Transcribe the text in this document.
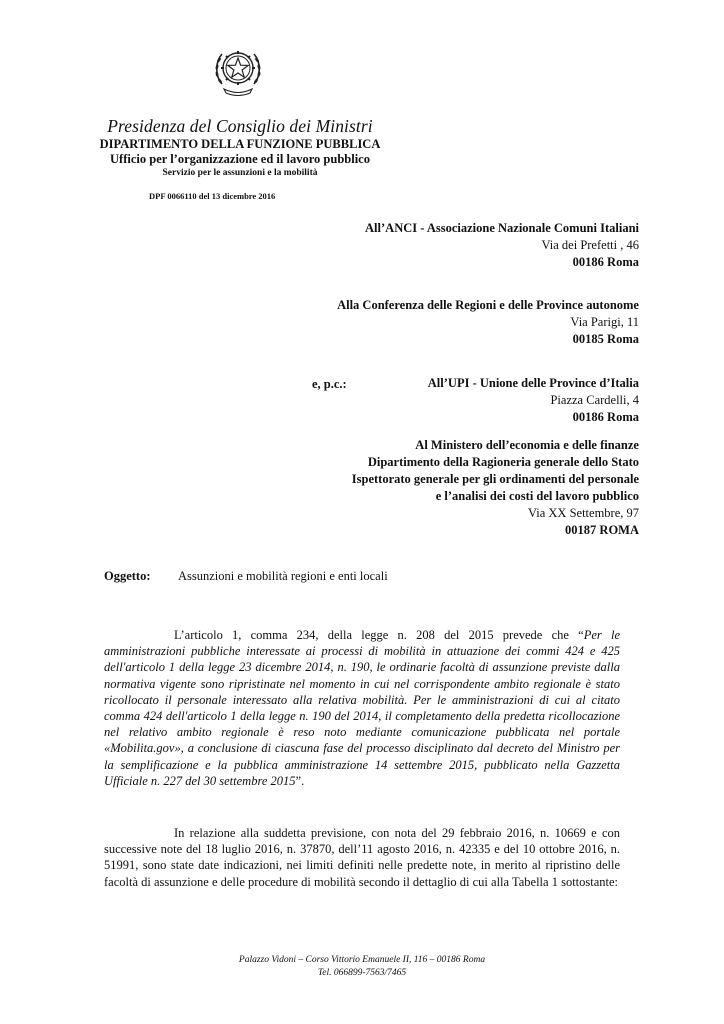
Presidenza del Consiglio dei Ministri
DIPARTIMENTO DELLA FUNZIONE PUBBLICA
Ufficio per l’organizzazione ed il lavoro pubblico
Servizio per le assunzioni e la mobilità
DPF 0066110 del 13 dicembre 2016
All’ANCI - Associazione Nazionale Comuni Italiani
Via dei Prefetti , 46
00186 Roma
Alla Conferenza delle Regioni e delle Province autonome
Via Parigi, 11
00185 Roma
e, p.c.:	All’UPI - Unione delle Province d’Italia
Piazza Cardelli, 4
00186 Roma
Al Ministero dell’economia e delle finanze
Dipartimento della Ragioneria generale dello Stato
Ispettorato generale per gli ordinamenti del personale
e l’analisi dei costi del lavoro pubblico
Via XX Settembre, 97
00187 ROMA
Oggetto: Assunzioni e mobilità regioni e enti locali
L’articolo 1, comma 234, della legge n. 208 del 2015 prevede che “Per le amministrazioni pubbliche interessate ai processi di mobilità in attuazione dei commi 424 e 425 dell'articolo 1 della legge 23 dicembre 2014, n. 190, le ordinarie facoltà di assunzione previste dalla normativa vigente sono ripristinate nel momento in cui nel corrispondente ambito regionale è stato ricollocato il personale interessato alla relativa mobilità. Per le amministrazioni di cui al citato comma 424 dell'articolo 1 della legge n. 190 del 2014, il completamento della predetta ricollocazione nel relativo ambito regionale è reso noto mediante comunicazione pubblicata nel portale «Mobilita.gov», a conclusione di ciascuna fase del processo disciplinato dal decreto del Ministro per la semplificazione e la pubblica amministrazione 14 settembre 2015, pubblicato nella Gazzetta Ufficiale n. 227 del 30 settembre 2015”.
In relazione alla suddetta previsione, con nota del 29 febbraio 2016, n. 10669 e con successive note del 18 luglio 2016, n. 37870, dell’11 agosto 2016, n. 42335 e del 10 ottobre 2016, n. 51991, sono state date indicazioni, nei limiti definiti nelle predette note, in merito al ripristino delle facoltà di assunzione e delle procedure di mobilità secondo il dettaglio di cui alla Tabella 1 sottostante:
Palazzo Vidoni – Corso Vittorio Emanuele II, 116 – 00186 Roma
Tel. 066899-7563/7465
